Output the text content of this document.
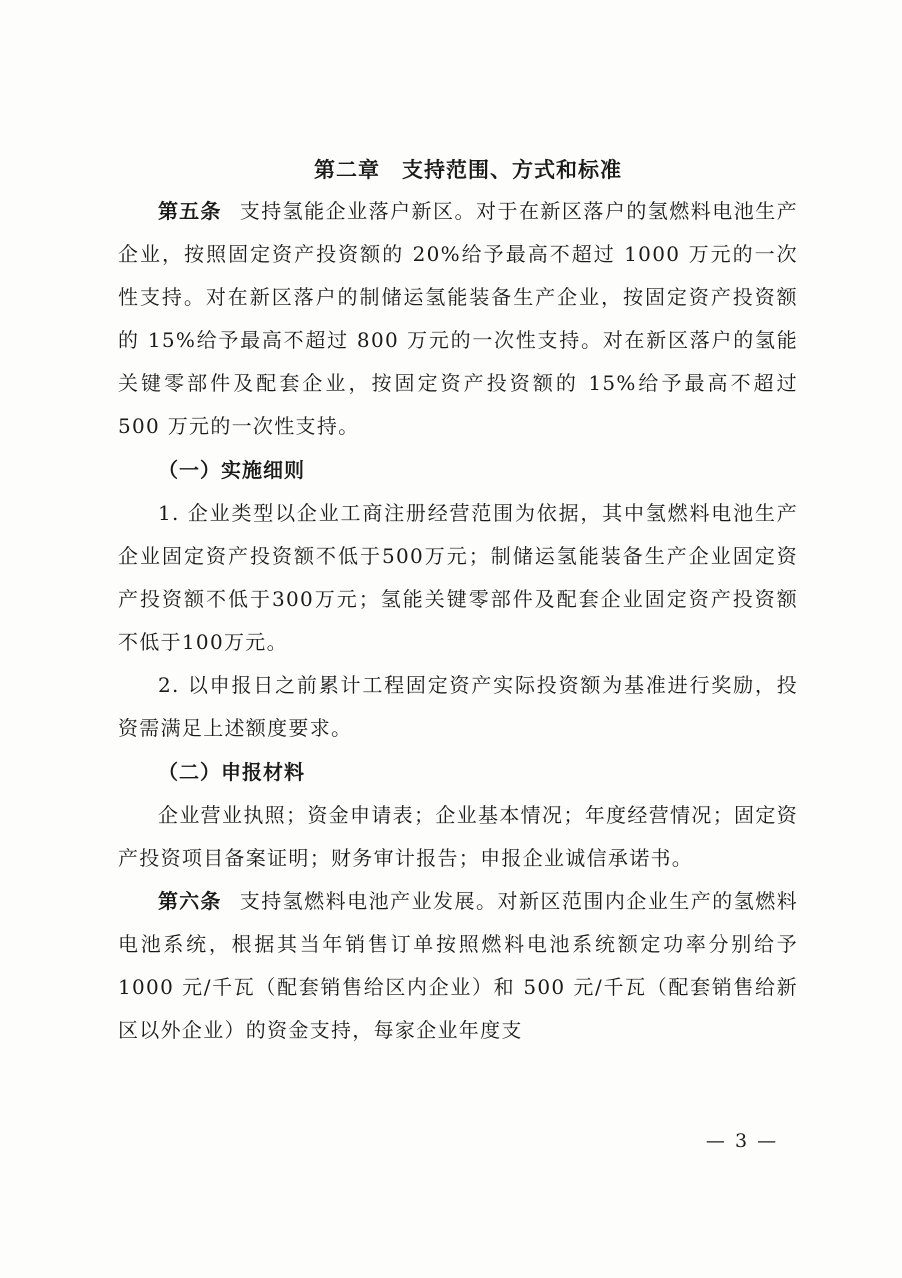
第二章　支持范围、方式和标准

第五条 支持氢能企业落户新区。对于在新区落户的氢燃料电池生产企业，按照固定资产投资额的 20%给予最高不超过 1000 万元的一次性支持。对在新区落户的制储运氢能装备生产企业，按固定资产投资额的 15%给予最高不超过 800 万元的一次性支持。对在新区落户的氢能关键零部件及配套企业，按固定资产投资额的 15%给予最高不超过 500 万元的一次性支持。

（一）实施细则

1. 企业类型以企业工商注册经营范围为依据，其中氢燃料电池生产企业固定资产投资额不低于500万元；制储运氢能装备生产企业固定资产投资额不低于300万元；氢能关键零部件及配套企业固定资产投资额不低于100万元。

2. 以申报日之前累计工程固定资产实际投资额为基准进行奖励，投资需满足上述额度要求。

（二）申报材料

企业营业执照；资金申请表；企业基本情况；年度经营情况；固定资产投资项目备案证明；财务审计报告；申报企业诚信承诺书。

第六条 支持氢燃料电池产业发展。对新区范围内企业生产的氢燃料电池系统，根据其当年销售订单按照燃料电池系统额定功率分别给予 1000 元/千瓦（配套销售给区内企业）和 500 元/千瓦（配套销售给新区以外企业）的资金支持，每家企业年度支

— 3 —
